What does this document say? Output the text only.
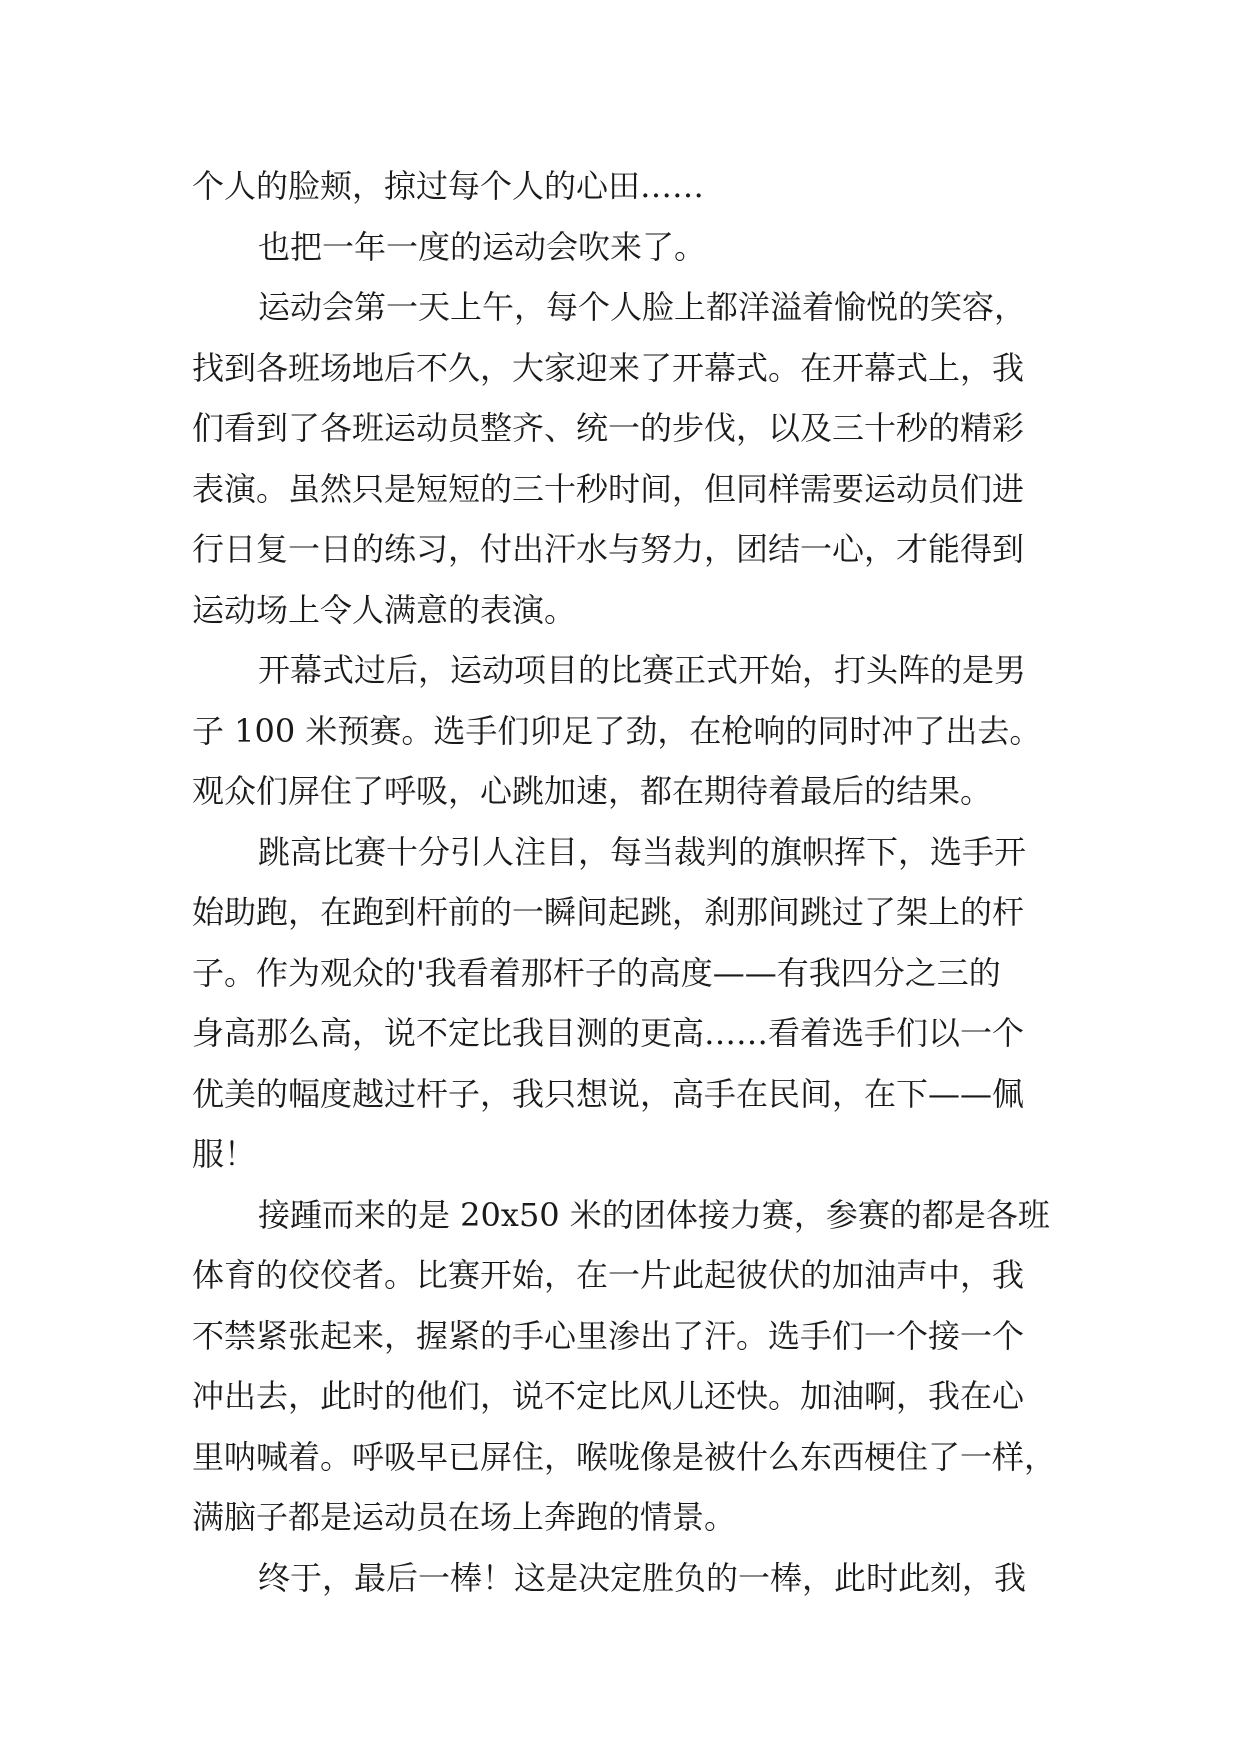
个人的脸颊，掠过每个人的心田……
也把一年一度的运动会吹来了。
运动会第一天上午，每个人脸上都洋溢着愉悦的笑容，
找到各班场地后不久，大家迎来了开幕式。在开幕式上，我
们看到了各班运动员整齐、统一的步伐，以及三十秒的精彩
表演。虽然只是短短的三十秒时间，但同样需要运动员们进
行日复一日的练习，付出汗水与努力，团结一心，才能得到
运动场上令人满意的表演。
开幕式过后，运动项目的比赛正式开始，打头阵的是男
子 100 米预赛。选手们卯足了劲，在枪响的同时冲了出去。
观众们屏住了呼吸，心跳加速，都在期待着最后的结果。
跳高比赛十分引人注目，每当裁判的旗帜挥下，选手开
始助跑，在跑到杆前的一瞬间起跳，刹那间跳过了架上的杆
子。作为观众的'我看着那杆子的高度——有我四分之三的
身高那么高，说不定比我目测的更高……看着选手们以一个
优美的幅度越过杆子，我只想说，高手在民间，在下——佩
服！
接踵而来的是 20x50 米的团体接力赛，参赛的都是各班
体育的佼佼者。比赛开始，在一片此起彼伏的加油声中，我
不禁紧张起来，握紧的手心里渗出了汗。选手们一个接一个
冲出去，此时的他们，说不定比风儿还快。加油啊，我在心
里呐喊着。呼吸早已屏住，喉咙像是被什么东西梗住了一样，
满脑子都是运动员在场上奔跑的情景。
终于，最后一棒！这是决定胜负的一棒，此时此刻，我
